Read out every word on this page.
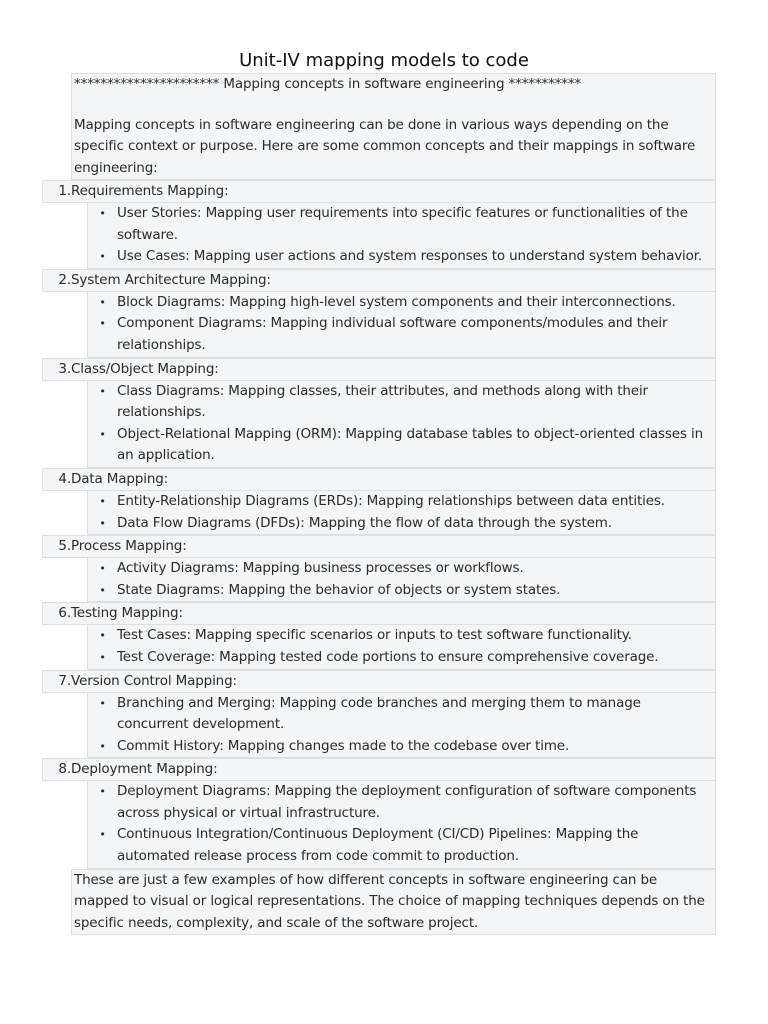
Unit-IV mapping models to code
********************** Mapping concepts in software engineering ***********
Mapping concepts in software engineering can be done in various ways depending on the specific context or purpose. Here are some common concepts and their mappings in software engineering:
1. Requirements Mapping:
• User Stories: Mapping user requirements into specific features or functionalities of the software.
• Use Cases: Mapping user actions and system responses to understand system behavior.
2. System Architecture Mapping:
• Block Diagrams: Mapping high-level system components and their interconnections.
• Component Diagrams: Mapping individual software components/modules and their relationships.
3. Class/Object Mapping:
• Class Diagrams: Mapping classes, their attributes, and methods along with their relationships.
• Object-Relational Mapping (ORM): Mapping database tables to object-oriented classes in an application.
4. Data Mapping:
• Entity-Relationship Diagrams (ERDs): Mapping relationships between data entities.
• Data Flow Diagrams (DFDs): Mapping the flow of data through the system.
5. Process Mapping:
• Activity Diagrams: Mapping business processes or workflows.
• State Diagrams: Mapping the behavior of objects or system states.
6. Testing Mapping:
• Test Cases: Mapping specific scenarios or inputs to test software functionality.
• Test Coverage: Mapping tested code portions to ensure comprehensive coverage.
7. Version Control Mapping:
• Branching and Merging: Mapping code branches and merging them to manage concurrent development.
• Commit History: Mapping changes made to the codebase over time.
8. Deployment Mapping:
• Deployment Diagrams: Mapping the deployment configuration of software components across physical or virtual infrastructure.
• Continuous Integration/Continuous Deployment (CI/CD) Pipelines: Mapping the automated release process from code commit to production.
These are just a few examples of how different concepts in software engineering can be mapped to visual or logical representations. The choice of mapping techniques depends on the specific needs, complexity, and scale of the software project.
